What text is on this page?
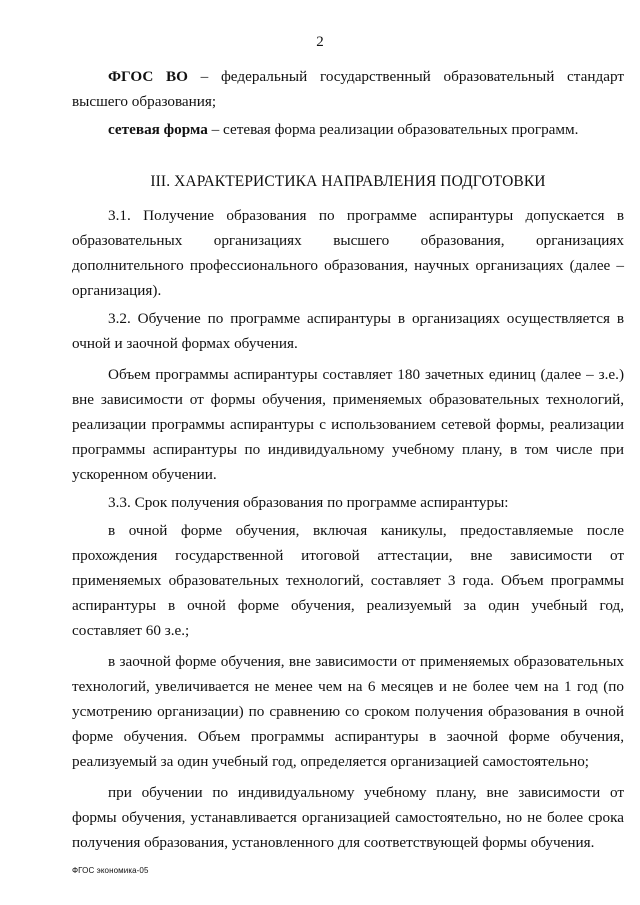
2

ФГОС ВО – федеральный государственный образовательный стандарт высшего образования;

сетевая форма – сетевая форма реализации образовательных программ.

III. ХАРАКТЕРИСТИКА НАПРАВЛЕНИЯ ПОДГОТОВКИ

3.1. Получение образования по программе аспирантуры допускается в образовательных организациях высшего образования, организациях дополнительного профессионального образования, научных организациях (далее – организация).

3.2. Обучение по программе аспирантуры в организациях осуществляется в очной и заочной формах обучения.

Объем программы аспирантуры составляет 180 зачетных единиц (далее – з.е.) вне зависимости от формы обучения, применяемых образовательных технологий, реализации программы аспирантуры с использованием сетевой формы, реализации программы аспирантуры по индивидуальному учебному плану, в том числе при ускоренном обучении.

3.3. Срок получения образования по программе аспирантуры:

в очной форме обучения, включая каникулы, предоставляемые после прохождения государственной итоговой аттестации, вне зависимости от применяемых образовательных технологий, составляет 3 года. Объем программы аспирантуры в очной форме обучения, реализуемый за один учебный год, составляет 60 з.е.;

в заочной форме обучения, вне зависимости от применяемых образовательных технологий, увеличивается не менее чем на 6 месяцев и не более чем на 1 год (по усмотрению организации) по сравнению со сроком получения образования в очной форме обучения. Объем программы аспирантуры в заочной форме обучения, реализуемый за один учебный год, определяется организацией самостоятельно;

при обучении по индивидуальному учебному плану, вне зависимости от формы обучения, устанавливается организацией самостоятельно, но не более срока получения образования, установленного для соответствующей формы обучения.

ФГОС экономика-05
